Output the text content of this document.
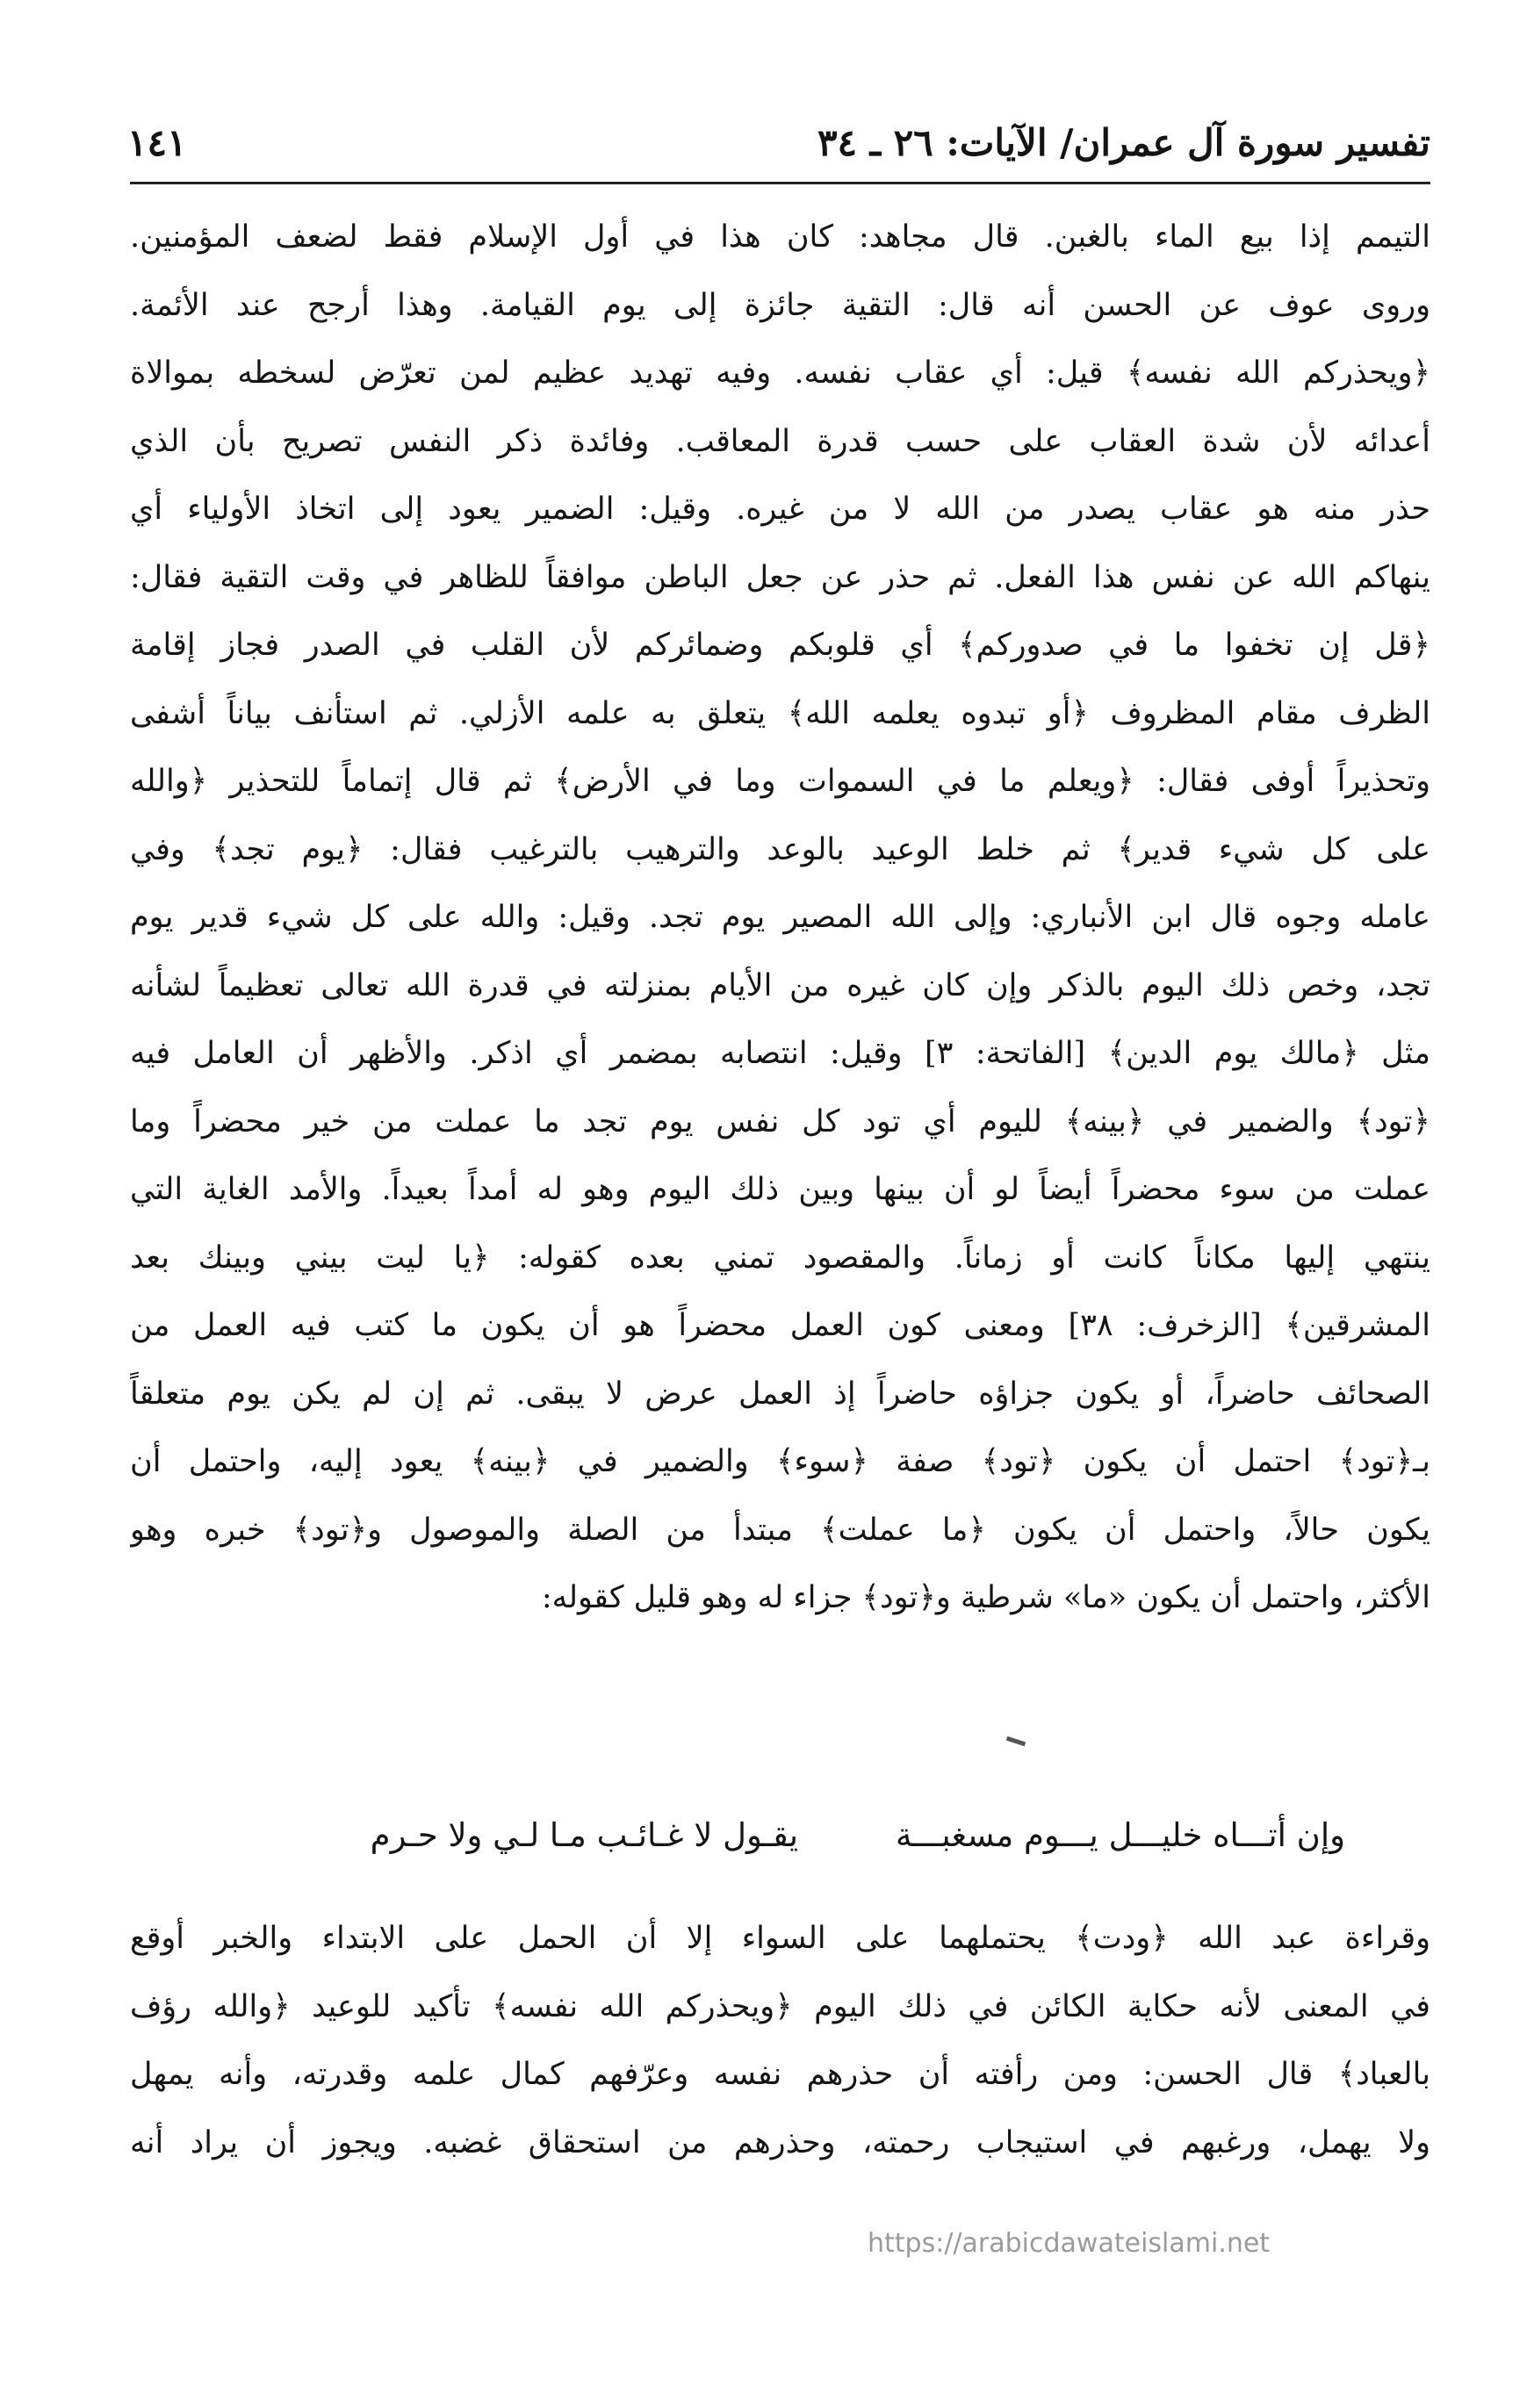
تفسير سورة آل عمران/ الآيات: ٢٦ ـ ٣٤
١٤١
التيمم إذا بيع الماء بالغبن. قال مجاهد: كان هذا في أول الإسلام فقط لضعف المؤمنين.
وروى عوف عن الحسن أنه قال: التقية جائزة إلى يوم القيامة. وهذا أرجح عند الأئمة.
﴿ويحذركم الله نفسه﴾ قيل: أي عقاب نفسه. وفيه تهديد عظيم لمن تعرّض لسخطه بموالاة
أعدائه لأن شدة العقاب على حسب قدرة المعاقب. وفائدة ذكر النفس تصريح بأن الذي
حذر منه هو عقاب يصدر من الله لا من غيره. وقيل: الضمير يعود إلى اتخاذ الأولياء أي
ينهاكم الله عن نفس هذا الفعل. ثم حذر عن جعل الباطن موافقاً للظاهر في وقت التقية فقال:
﴿قل إن تخفوا ما في صدوركم﴾ أي قلوبكم وضمائركم لأن القلب في الصدر فجاز إقامة
الظرف مقام المظروف ﴿أو تبدوه يعلمه الله﴾ يتعلق به علمه الأزلي. ثم استأنف بياناً أشفى
وتحذيراً أوفى فقال: ﴿ويعلم ما في السموات وما في الأرض﴾ ثم قال إتماماً للتحذير ﴿والله
على كل شيء قدير﴾ ثم خلط الوعيد بالوعد والترهيب بالترغيب فقال: ﴿يوم تجد﴾ وفي
عامله وجوه قال ابن الأنباري: وإلى الله المصير يوم تجد. وقيل: والله على كل شيء قدير يوم
تجد، وخص ذلك اليوم بالذكر وإن كان غيره من الأيام بمنزلته في قدرة الله تعالى تعظيماً لشأنه
مثل ﴿مالك يوم الدين﴾ [الفاتحة: ٣] وقيل: انتصابه بمضمر أي اذكر. والأظهر أن العامل فيه
﴿تود﴾ والضمير في ﴿بينه﴾ لليوم أي تود كل نفس يوم تجد ما عملت من خير محضراً وما
عملت من سوء محضراً أيضاً لو أن بينها وبين ذلك اليوم وهو له أمداً بعيداً. والأمد الغاية التي
ينتهي إليها مكاناً كانت أو زماناً. والمقصود تمني بعده كقوله: ﴿يا ليت بيني وبينك بعد
المشرقين﴾ [الزخرف: ٣٨] ومعنى كون العمل محضراً هو أن يكون ما كتب فيه العمل من
الصحائف حاضراً، أو يكون جزاؤه حاضراً إذ العمل عرض لا يبقى. ثم إن لم يكن يوم متعلقاً
بـ﴿تود﴾ احتمل أن يكون ﴿تود﴾ صفة ﴿سوء﴾ والضمير في ﴿بينه﴾ يعود إليه، واحتمل أن
يكون حالاً، واحتمل أن يكون ﴿ما عملت﴾ مبتدأ من الصلة والموصول و﴿تود﴾ خبره وهو
الأكثر، واحتمل أن يكون «ما» شرطية و﴿تود﴾ جزاء له وهو قليل كقوله:
وإن أتـــاه خليـــل يـــوم مسغبـــة
يقـول لا غـائـب مـا لـي ولا حـرم
وقراءة عبد الله ﴿ودت﴾ يحتملهما على السواء إلا أن الحمل على الابتداء والخبر أوقع
في المعنى لأنه حكاية الكائن في ذلك اليوم ﴿ويحذركم الله نفسه﴾ تأكيد للوعيد ﴿والله رؤف
بالعباد﴾ قال الحسن: ومن رأفته أن حذرهم نفسه وعرّفهم كمال علمه وقدرته، وأنه يمهل
ولا يهمل، ورغبهم في استيجاب رحمته، وحذرهم من استحقاق غضبه. ويجوز أن يراد أنه
https://arabicdawateislami.net
